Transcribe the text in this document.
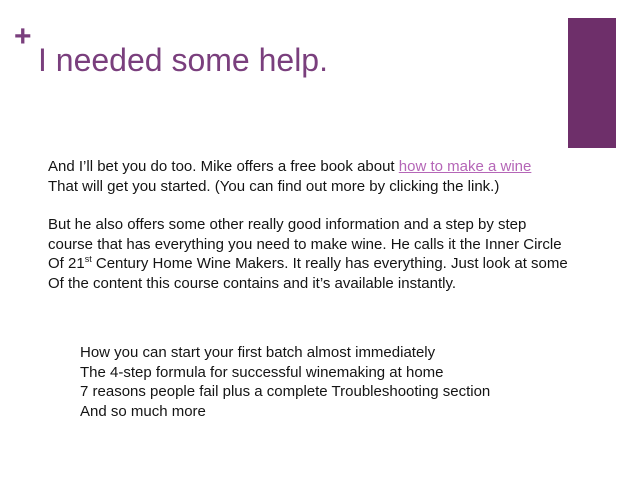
+
I needed some help.

And I’ll bet you do too. Mike offers a free book about how to make a wine

That will get you started. (You can find out more by clicking the link.)

But he also offers some other really good information and a step by step

course that has everything you need to make wine. He calls it the Inner Circle

Of 21st Century Home Wine Makers. It really has everything. Just look at some

Of the content this course contains and it’s available instantly.

How you can start your first batch almost immediately
The 4-step formula for successful winemaking at home
7 reasons people fail plus a complete Troubleshooting section
And so much more
